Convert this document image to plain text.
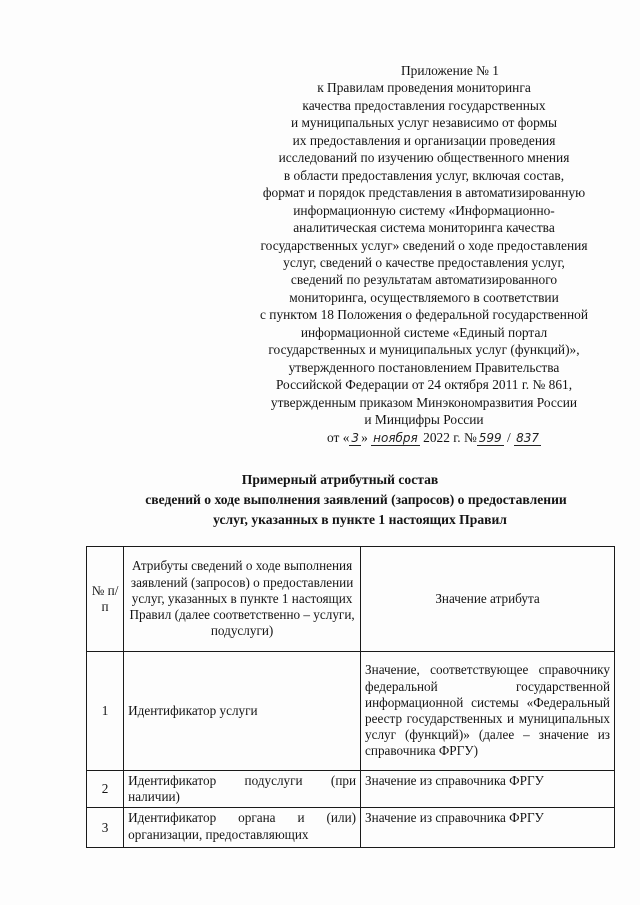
Приложение № 1
к Правилам проведения мониторинга
качества предоставления государственных
и муниципальных услуг независимо от формы
их предоставления и организации проведения
исследований по изучению общественного мнения
в области предоставления услуг, включая состав,
формат и порядок представления в автоматизированную
информационную систему «Информационно-
аналитическая система мониторинга качества
государственных услуг» сведений о ходе предоставления
услуг, сведений о качестве предоставления услуг,
сведений по результатам автоматизированного
мониторинга, осуществляемого в соответствии
с пунктом 18 Положения о федеральной государственной
информационной системе «Единый портал
государственных и муниципальных услуг (функций)»,
утвержденного постановлением Правительства
Российской Федерации от 24 октября 2011 г. № 861,
утвержденным приказом Минэкономразвития России
и Минцифры России
от « 3 » ноября 2022 г. № 599 / 837
Примерный атрибутный состав
сведений о ходе выполнения заявлений (запросов) о предоставлении
услуг, указанных в пункте 1 настоящих Правил
№ п/п	Атрибуты сведений о ходе выполнения заявлений (запросов) о предоставлении услуг, указанных в пункте 1 настоящих Правил (далее соответственно – услуги, подуслуги)	Значение атрибута
1	Идентификатор услуги	Значение, соответствующее справочнику федеральной государственной информационной системы «Федеральный реестр государственных и муниципальных услуг (функций)» (далее – значение из справочника ФРГУ)
2	Идентификатор подуслуги (при наличии)	Значение из справочника ФРГУ
3	Идентификатор органа и (или) организации, предоставляющих	Значение из справочника ФРГУ
